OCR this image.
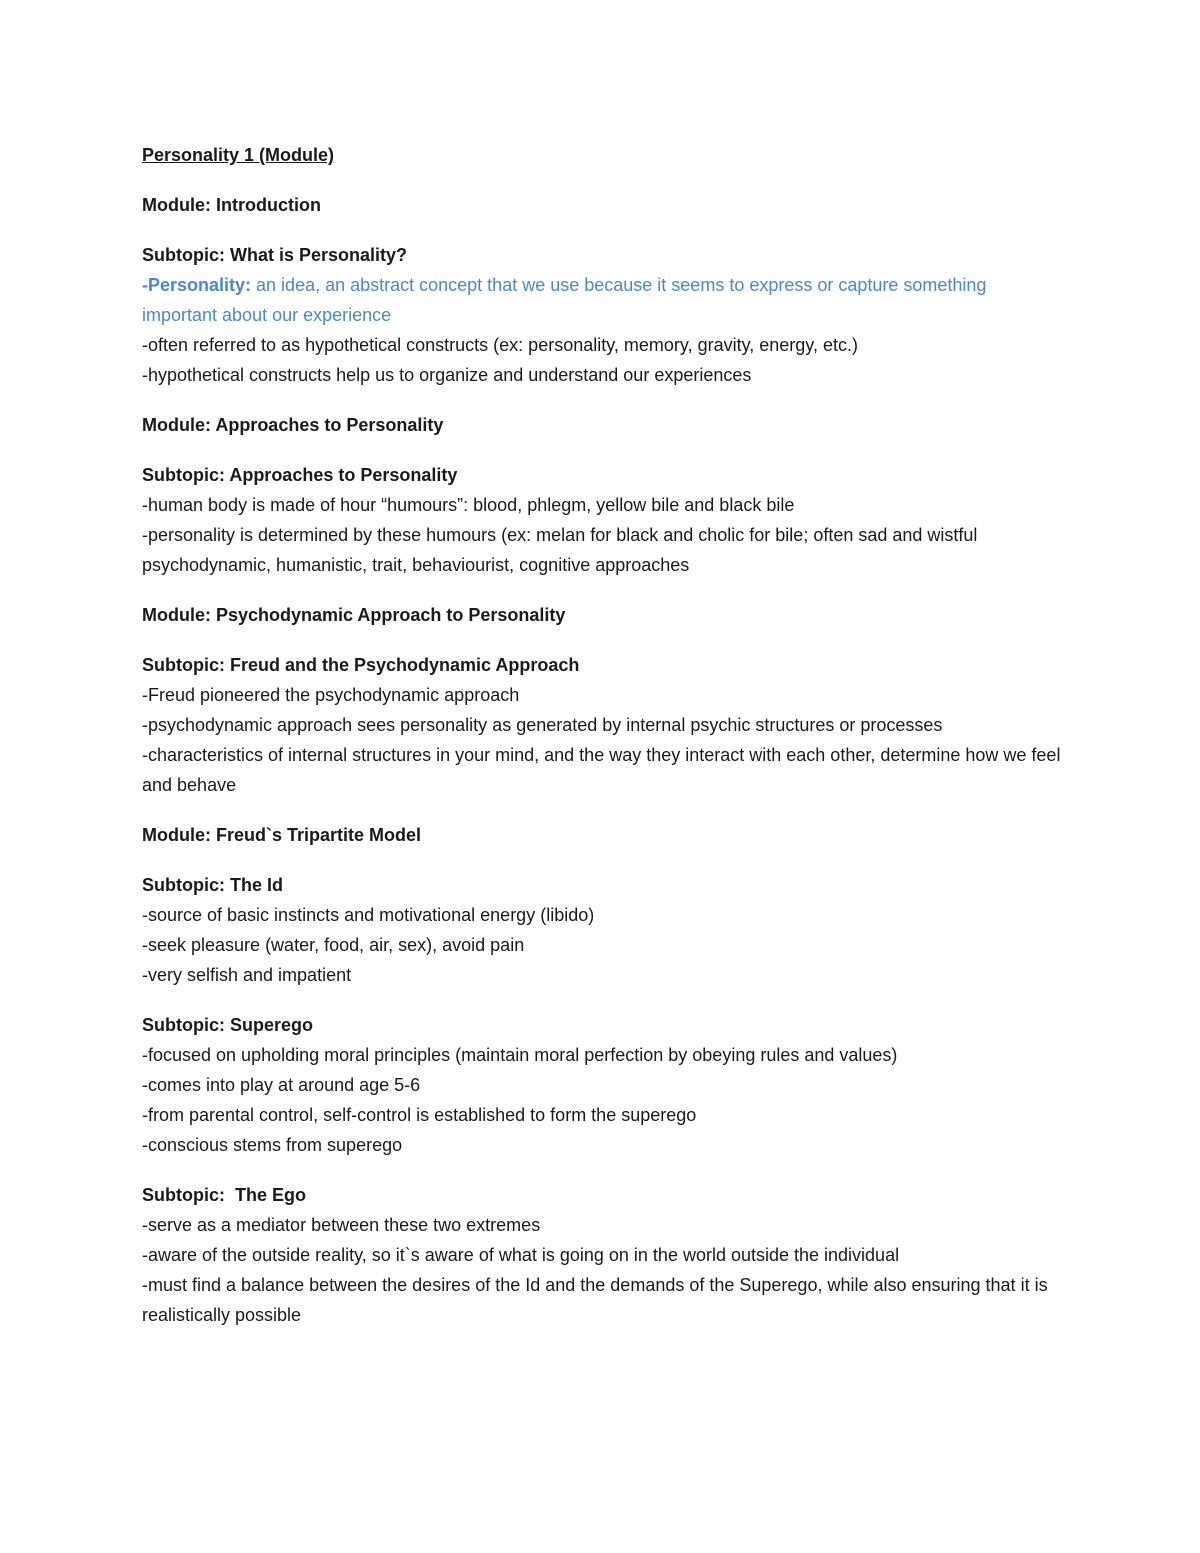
Personality 1 (Module)

Module: Introduction

Subtopic: What is Personality?

-Personality: an idea, an abstract concept that we use because it seems to express or capture something important about our experience

-often referred to as hypothetical constructs (ex: personality, memory, gravity, energy, etc.)

-hypothetical constructs help us to organize and understand our experiences

Module: Approaches to Personality

Subtopic: Approaches to Personality

-human body is made of hour “humours”: blood, phlegm, yellow bile and black bile

-personality is determined by these humours (ex: melan for black and cholic for bile; often sad and wistful

psychodynamic, humanistic, trait, behaviourist, cognitive approaches

Module: Psychodynamic Approach to Personality

Subtopic: Freud and the Psychodynamic Approach

-Freud pioneered the psychodynamic approach

-psychodynamic approach sees personality as generated by internal psychic structures or processes

-characteristics of internal structures in your mind, and the way they interact with each other, determine how we feel and behave

Module: Freud`s Tripartite Model

Subtopic: The Id

-source of basic instincts and motivational energy (libido)

-seek pleasure (water, food, air, sex), avoid pain

-very selfish and impatient

Subtopic: Superego

-focused on upholding moral principles (maintain moral perfection by obeying rules and values)

-comes into play at around age 5-6

-from parental control, self-control is established to form the superego

-conscious stems from superego

Subtopic:  The Ego

-serve as a mediator between these two extremes

-aware of the outside reality, so it`s aware of what is going on in the world outside the individual

-must find a balance between the desires of the Id and the demands of the Superego, while also ensuring that it is realistically possible
